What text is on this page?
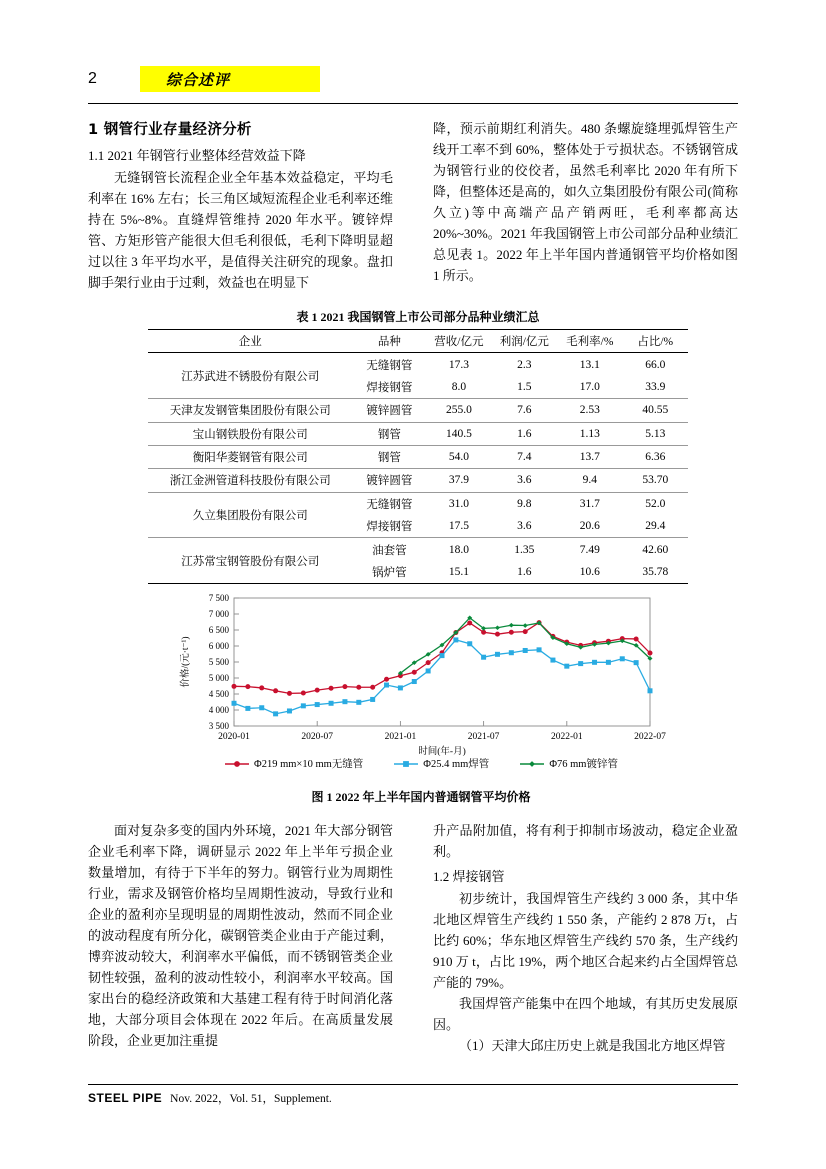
2	综合述评
1 钢管行业存量经济分析
1.1 2021 年钢管行业整体经营效益下降

无缝钢管长流程企业全年基本效益稳定，平均毛利率在 16% 左右；长三角区域短流程企业毛利率还维持在 5%~8%。直缝焊管维持 2020 年水平。镀锌焊管、方矩形管产能很大但毛利很低，毛利下降明显超过以往 3 年平均水平，是值得关注研究的现象。盘扣脚手架行业由于过剩，效益也在明显下

降，预示前期红利消失。480 条螺旋缝埋弧焊管生产线开工率不到 60%，整体处于亏损状态。不锈钢管成为钢管行业的佼佼者，虽然毛利率比 2020 年有所下降，但整体还是高的，如久立集团股份有限公司(简称久立)等中高端产品产销两旺，毛利率都高达 20%~30%。2021 年我国钢管上市公司部分品种业绩汇总见表 1。2022 年上半年国内普通钢管平均价格如图 1 所示。

表 1 2021 我国钢管上市公司部分品种业绩汇总
企业	品种	营收/亿元	利润/亿元	毛利率/%	占比/%
江苏武进不锈股份有限公司	无缝钢管	17.3	2.3	13.1	66.0
	焊接钢管	8.0	1.5	17.0	33.9
天津友发钢管集团股份有限公司	镀锌圆管	255.0	7.6	2.53	40.55
宝山钢铁股份有限公司	钢管	140.5	1.6	1.13	5.13
衡阳华菱钢管有限公司	钢管	54.0	7.4	13.7	6.36
浙江金洲管道科技股份有限公司	镀锌圆管	37.9	3.6	9.4	53.70
久立集团股份有限公司	无缝钢管	31.0	9.8	31.7	52.0
	焊接钢管	17.5	3.6	20.6	29.4
江苏常宝钢管股份有限公司	油套管	18.0	1.35	7.49	42.60
	锅炉管	15.1	1.6	10.6	35.78
3 500
4 000
4 500
5 000
5 500
6 000
6 500
7 000
7 500
2020-01	2020-07	2021-01	2021-07	2022-01	2022-07
价格/(元·t⁻¹)
时间(年-月)
Φ219 mm×10 mm无缝管	Φ25.4 mm焊管	Φ76 mm镀锌管
图 1 2022 年上半年国内普通钢管平均价格

面对复杂多变的国内外环境，2021 年大部分钢管企业毛利率下降，调研显示 2022 年上半年亏损企业数量增加，有待于下半年的努力。钢管行业为周期性行业，需求及钢管价格均呈周期性波动，导致行业和企业的盈利亦呈现明显的周期性波动，然而不同企业的波动程度有所分化，碳钢管类企业由于产能过剩，博弈波动较大，利润率水平偏低，而不锈钢管类企业韧性较强，盈利的波动性较小，利润率水平较高。国家出台的稳经济政策和大基建工程有待于时间消化落地，大部分项目会体现在 2022 年后。在高质量发展阶段，企业更加注重提

升产品附加值，将有利于抑制市场波动，稳定企业盈利。

1.2 焊接钢管

初步统计，我国焊管生产线约 3 000 条，其中华北地区焊管生产线约 1 550 条，产能约 2 878 万t，占比约 60%；华东地区焊管生产线约 570 条，生产线约 910 万 t，占比 19%，两个地区合起来约占全国焊管总产能的 79%。

我国焊管产能集中在四个地域，有其历史发展原因。

（1）天津大邱庄历史上就是我国北方地区焊管

STEEL PIPE Nov. 2022，Vol. 51，Supplement.
